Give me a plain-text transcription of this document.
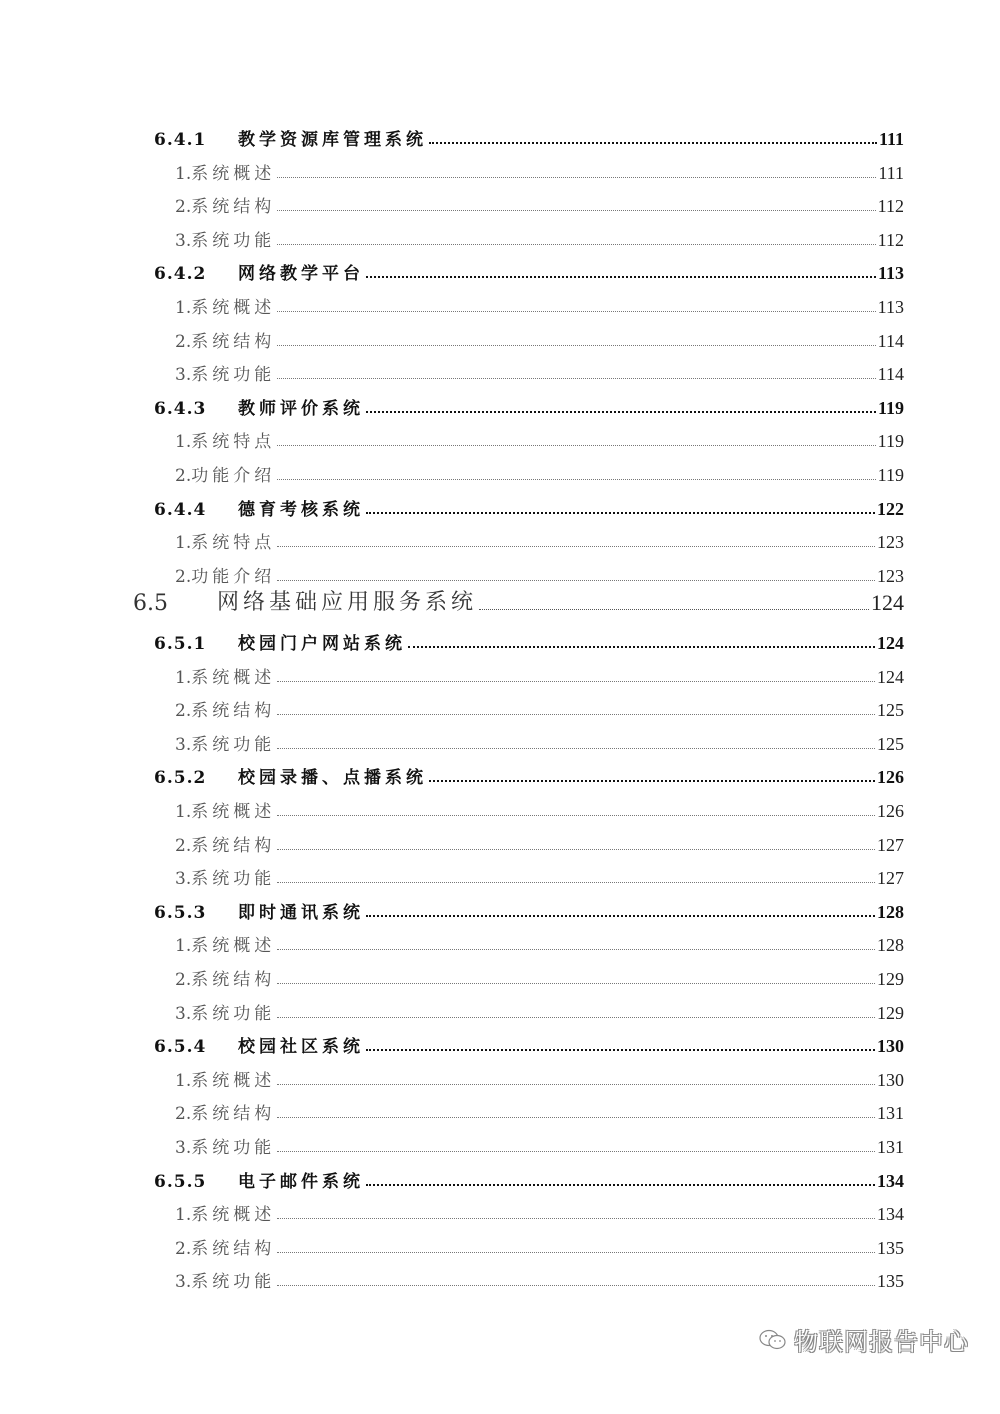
6.4.1	教学资源库管理系统	111
1. 系统概述	111
2. 系统结构	112
3. 系统功能	112
6.4.2	网络教学平台	113
1. 系统概述	113
2. 系统结构	114
3. 系统功能	114
6.4.3	教师评价系统	119
1. 系统特点	119
2. 功能介绍	119
6.4.4	德育考核系统	122
1. 系统特点	123
2. 功能介绍	123
6.5	网络基础应用服务系统	124
6.5.1	校园门户网站系统	124
1. 系统概述	124
2. 系统结构	125
3. 系统功能	125
6.5.2	校园录播、点播系统	126
1. 系统概述	126
2. 系统结构	127
3. 系统功能	127
6.5.3	即时通讯系统	128
1. 系统概述	128
2. 系统结构	129
3. 系统功能	129
6.5.4	校园社区系统	130
1. 系统概述	130
2. 系统结构	131
3. 系统功能	131
6.5.5	电子邮件系统	134
1. 系统概述	134
2. 系统结构	135
3. 系统功能	135
物联网报告中心
